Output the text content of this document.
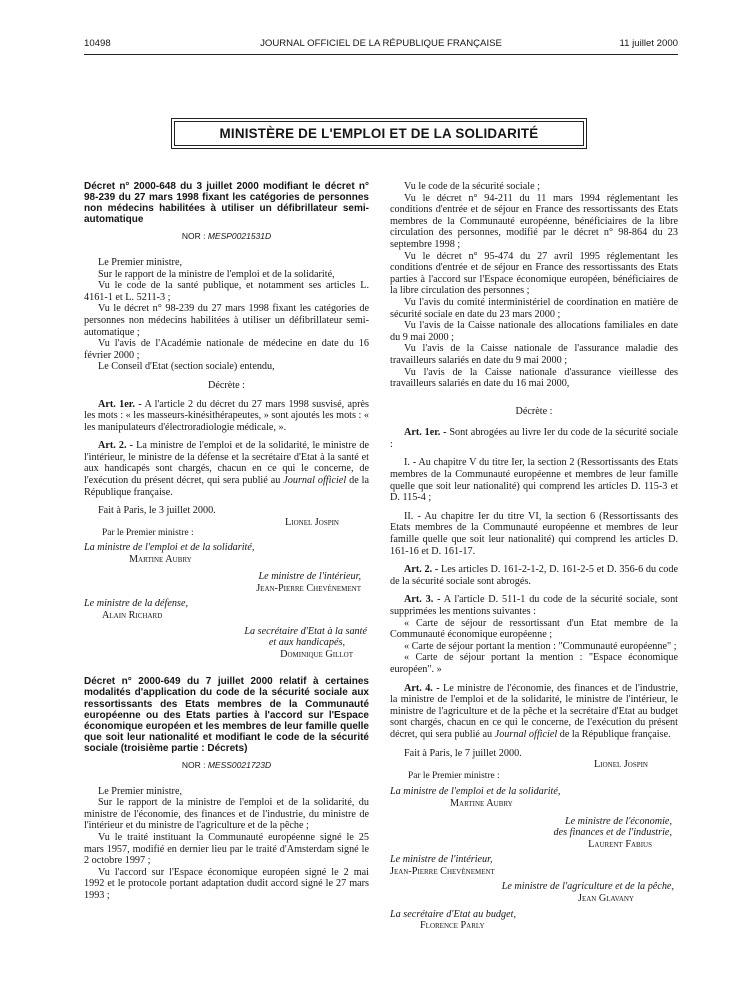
10498	JOURNAL OFFICIEL DE LA RÉPUBLIQUE FRANÇAISE	11 juillet 2000
MINISTÈRE DE L'EMPLOI ET DE LA SOLIDARITÉ
Décret n° 2000-648 du 3 juillet 2000 modifiant le décret n° 98-239 du 27 mars 1998 fixant les catégories de personnes non médecins habilitées à utiliser un défibrillateur semi-automatique
NOR : MESP0021531D

Le Premier ministre,

Sur le rapport de la ministre de l'emploi et de la solidarité,

Vu le code de la santé publique, et notamment ses articles L. 4161-1 et L. 5211-3 ;

Vu le décret n° 98-239 du 27 mars 1998 fixant les catégories de personnes non médecins habilitées à utiliser un défibrillateur semi-automatique ;

Vu l'avis de l'Académie nationale de médecine en date du 16 février 2000 ;

Le Conseil d'Etat (section sociale) entendu,

Décrète :

Art. 1er. - A l'article 2 du décret du 27 mars 1998 susvisé, après les mots : « les masseurs-kinésithérapeutes, » sont ajoutés les mots : « les manipulateurs d'électroradiologie médicale, ».

Art. 2. - La ministre de l'emploi et de la solidarité, le ministre de l'intérieur, le ministre de la défense et la secrétaire d'Etat à la santé et aux handicapés sont chargés, chacun en ce qui le concerne, de l'exécution du présent décret, qui sera publié au Journal officiel de la République française.

Fait à Paris, le 3 juillet 2000.

Lionel Jospin

Par le Premier ministre :

La ministre de l'emploi et de la solidarité,
Martine Aubry
Le ministre de l'intérieur,
Jean-Pierre Chevènement
Le ministre de la défense,
Alain Richard
La secrétaire d'Etat à la santé
et aux handicapés,
Dominique Gillot
Décret n° 2000-649 du 7 juillet 2000 relatif à certaines modalités d'application du code de la sécurité sociale aux ressortissants des Etats membres de la Communauté européenne ou des Etats parties à l'accord sur l'Espace économique européen et les membres de leur famille quelle que soit leur nationalité et modifiant le code de la sécurité sociale (troisième partie : Décrets)
NOR : MESS0021723D

Le Premier ministre,

Sur le rapport de la ministre de l'emploi et de la solidarité, du ministre de l'économie, des finances et de l'industrie, du ministre de l'intérieur et du ministre de l'agriculture et de la pêche ;

Vu le traité instituant la Communauté européenne signé le 25 mars 1957, modifié en dernier lieu par le traité d'Amsterdam signé le 2 octobre 1997 ;

Vu l'accord sur l'Espace économique européen signé le 2 mai 1992 et le protocole portant adaptation dudit accord signé le 27 mars 1993 ;

Vu le code de la sécurité sociale ;

Vu le décret n° 94-211 du 11 mars 1994 réglementant les conditions d'entrée et de séjour en France des ressortissants des Etats membres de la Communauté européenne, bénéficiaires de la libre circulation des personnes, modifié par le décret n° 98-864 du 23 septembre 1998 ;

Vu le décret n° 95-474 du 27 avril 1995 réglementant les conditions d'entrée et de séjour en France des ressortissants des Etats parties à l'accord sur l'Espace économique européen, bénéficiaires de la libre circulation des personnes ;

Vu l'avis du comité interministériel de coordination en matière de sécurité sociale en date du 23 mars 2000 ;

Vu l'avis de la Caisse nationale des allocations familiales en date du 9 mai 2000 ;

Vu l'avis de la Caisse nationale de l'assurance maladie des travailleurs salariés en date du 9 mai 2000 ;

Vu l'avis de la Caisse nationale d'assurance vieillesse des travailleurs salariés en date du 16 mai 2000,

Décrète :

Art. 1er. - Sont abrogées au livre Ier du code de la sécurité sociale :

I. - Au chapitre V du titre Ier, la section 2 (Ressortissants des Etats membres de la Communauté européenne et membres de leur famille quelle que soit leur nationalité) qui comprend les articles D. 115-3 et D. 115-4 ;

II. - Au chapitre Ier du titre VI, la section 6 (Ressortissants des Etats membres de la Communauté européenne et membres de leur famille quelle que soit leur nationalité) qui comprend les articles D. 161-16 et D. 161-17.

Art. 2. - Les articles D. 161-2-1-2, D. 161-2-5 et D. 356-6 du code de la sécurité sociale sont abrogés.

Art. 3. - A l'article D. 511-1 du code de la sécurité sociale, sont supprimées les mentions suivantes :

« Carte de séjour de ressortissant d'un Etat membre de la Communauté économique européenne ;

« Carte de séjour portant la mention : "Communauté européenne" ;

« Carte de séjour portant la mention : "Espace économique européen". »

Art. 4. - Le ministre de l'économie, des finances et de l'industrie, la ministre de l'emploi et de la solidarité, le ministre de l'intérieur, le ministre de l'agriculture et de la pêche et la secrétaire d'Etat au budget sont chargés, chacun en ce qui le concerne, de l'exécution du présent décret, qui sera publié au Journal officiel de la République française.

Fait à Paris, le 7 juillet 2000.

Lionel Jospin

Par le Premier ministre :

La ministre de l'emploi et de la solidarité,
Martine Aubry
Le ministre de l'économie,
des finances et de l'industrie,
Laurent Fabius
Le ministre de l'intérieur,
Jean-Pierre Chevènement
Le ministre de l'agriculture et de la pêche,
Jean Glavany
La secrétaire d'Etat au budget,
Florence Parly
